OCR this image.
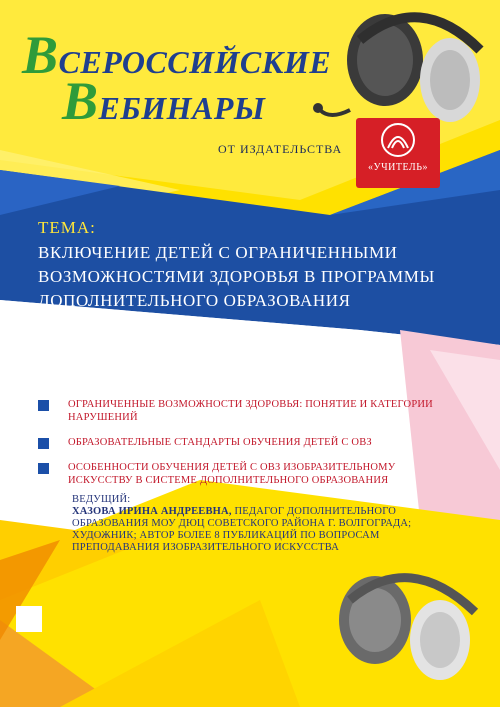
ВСЕРОССИЙСКИЕ
ВЕБИНАРЫ
ОТ ИЗДАТЕЛЬСТВА
«УЧИТЕЛЬ»
ТЕМА:
ВКЛЮЧЕНИЕ ДЕТЕЙ С ОГРАНИЧЕННЫМИ ВОЗМОЖНОСТЯМИ ЗДОРОВЬЯ В ПРОГРАММЫ ДОПОЛНИТЕЛЬНОГО ОБРАЗОВАНИЯ
ОГРАНИЧЕННЫЕ ВОЗМОЖНОСТИ ЗДОРОВЬЯ: ПОНЯТИЕ И КАТЕГОРИИ НАРУШЕНИЙ
ОБРАЗОВАТЕЛЬНЫЕ СТАНДАРТЫ ОБУЧЕНИЯ ДЕТЕЙ С ОВЗ
ОСОБЕННОСТИ ОБУЧЕНИЯ ДЕТЕЙ С ОВЗ ИЗОБРАЗИТЕЛЬНОМУ ИСКУССТВУ В СИСТЕМЕ ДОПОЛНИТЕЛЬНОГО ОБРАЗОВАНИЯ
ВЕДУЩИЙ:
ХАЗОВА ИРИНА АНДРЕЕВНА, ПЕДАГОГ ДОПОЛНИТЕЛЬНОГО ОБРАЗОВАНИЯ МОУ ДЮЦ СОВЕТСКОГО РАЙОНА Г. ВОЛГОГРАДА; ХУДОЖНИК; АВТОР БОЛЕЕ 8 ПУБЛИКАЦИЙ ПО ВОПРОСАМ ПРЕПОДАВАНИЯ ИЗОБРАЗИТЕЛЬНОГО ИСКУССТВА
